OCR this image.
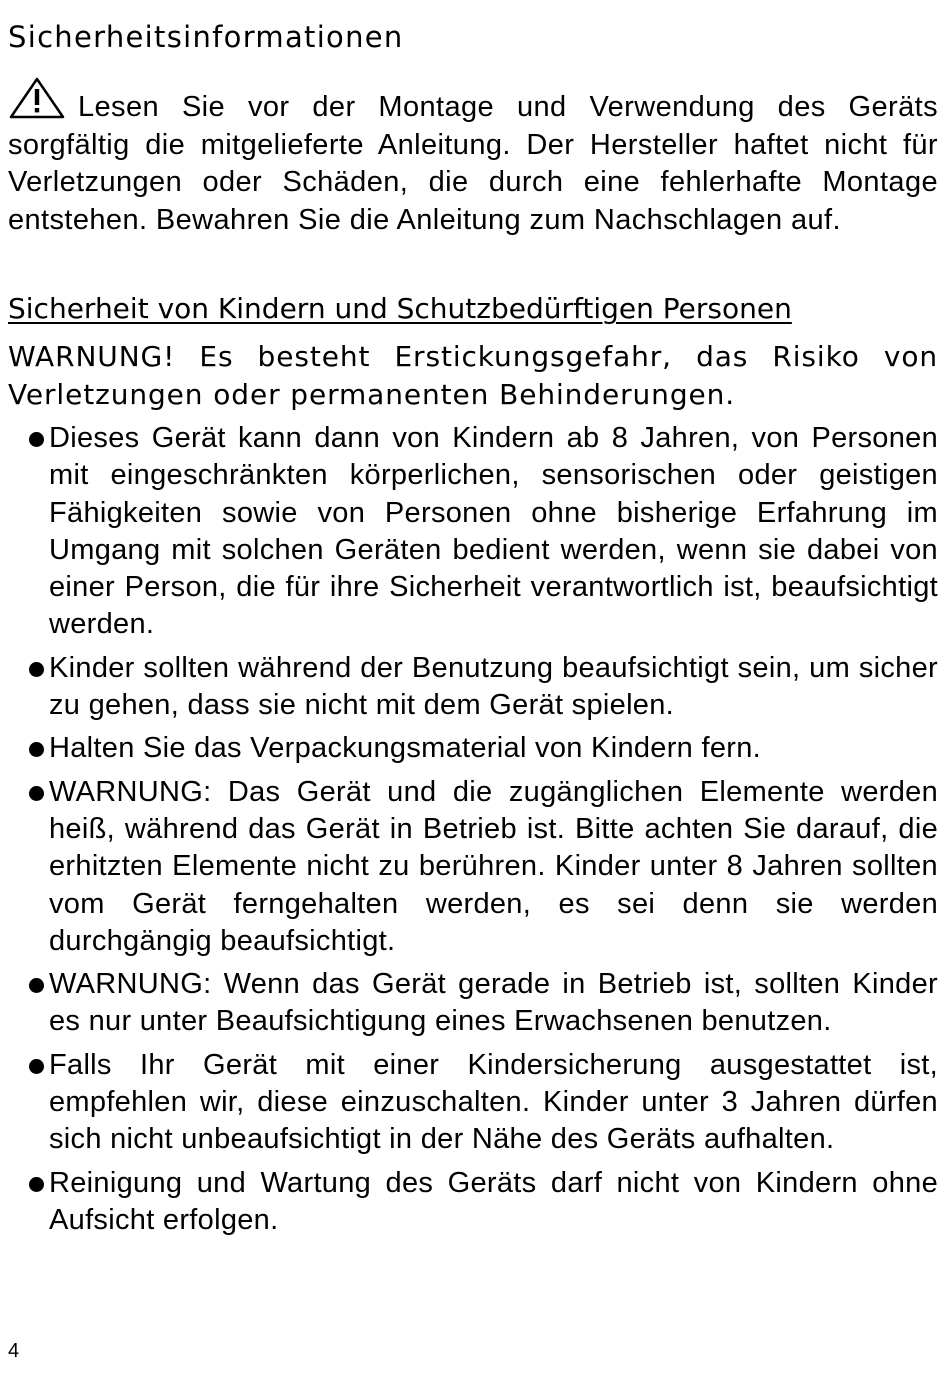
Sicherheitsinformationen

Lesen Sie vor der Montage und Verwendung des Geräts sorgfältig die mitgelieferte Anleitung. Der Hersteller haftet nicht für Verletzungen oder Schäden, die durch eine fehlerhafte Montage entstehen. Bewahren Sie die Anleitung zum Nachschlagen auf.

Sicherheit von Kindern und Schutzbedürftigen Personen

WARNUNG! Es besteht Erstickungsgefahr, das Risiko von Verletzungen oder permanenten Behinderungen.

Dieses Gerät kann dann von Kindern ab 8 Jahren, von Personen mit eingeschränkten körperlichen, sensorischen oder geistigen Fähigkeiten sowie von Personen ohne bisherige Erfahrung im Umgang mit solchen Geräten bedient werden, wenn sie dabei von einer Person, die für ihre Sicherheit verantwortlich ist, beaufsichtigt werden.
Kinder sollten während der Benutzung beaufsichtigt sein, um sicher zu gehen, dass sie nicht mit dem Gerät spielen.
Halten Sie das Verpackungsmaterial von Kindern fern.
WARNUNG: Das Gerät und die zugänglichen Elemente werden heiß, während das Gerät in Betrieb ist. Bitte achten Sie darauf, die erhitzten Elemente nicht zu berühren. Kinder unter 8 Jahren sollten vom Gerät ferngehalten werden, es sei denn sie werden durchgängig beaufsichtigt.
WARNUNG: Wenn das Gerät gerade in Betrieb ist, sollten Kinder es nur unter Beaufsichtigung eines Erwachsenen benutzen.
Falls Ihr Gerät mit einer Kindersicherung ausgestattet ist, empfehlen wir, diese einzuschalten. Kinder unter 3 Jahren dürfen sich nicht unbeaufsichtigt in der Nähe des Geräts aufhalten.
Reinigung und Wartung des Geräts darf nicht von Kindern ohne Aufsicht erfolgen.

4
